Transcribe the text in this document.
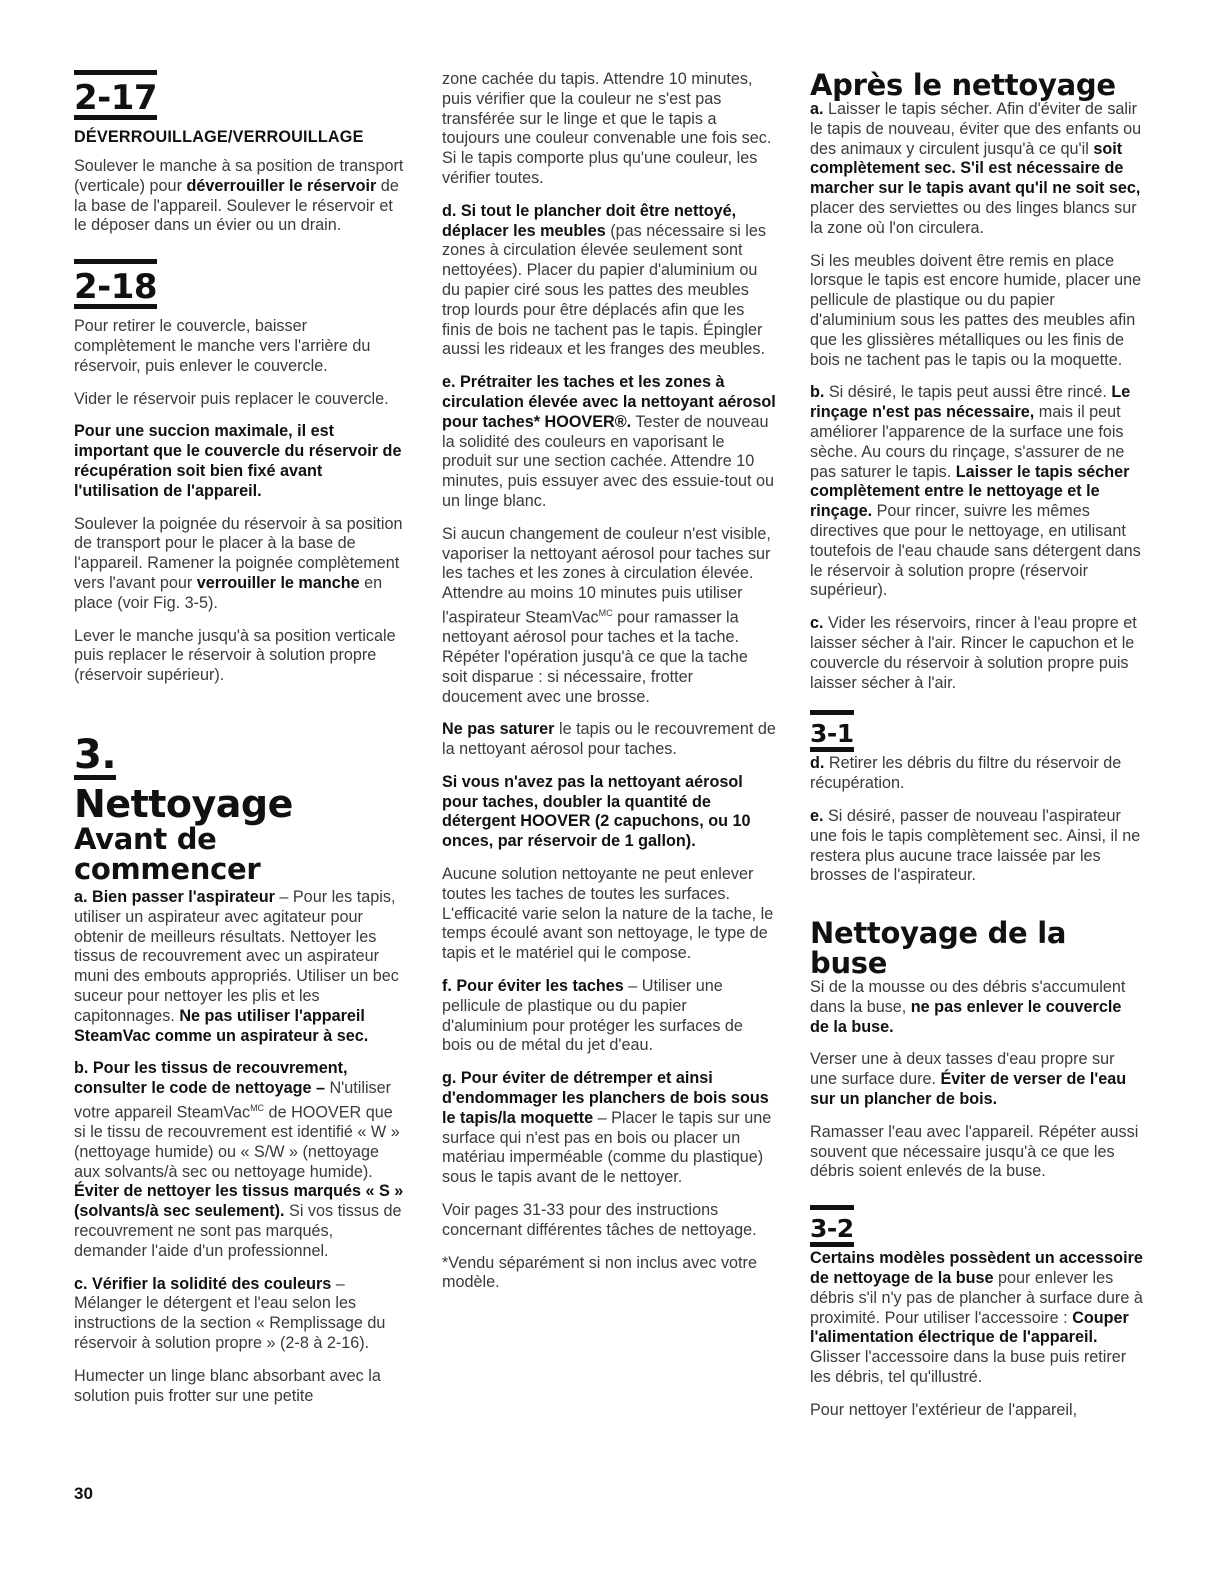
2-17
DÉVERROUILLAGE/VERROUILLAGE

Soulever le manche à sa position de transport (verticale) pour déverrouiller le réservoir de la base de l'appareil. Soulever le réservoir et le déposer dans un évier ou un drain.

2-18

Pour retirer le couvercle, baisser complètement le manche vers l'arrière du réservoir, puis enlever le couvercle.

Vider le réservoir puis replacer le couvercle.

Pour une succion maximale, il est important que le couvercle du réservoir de récupération soit bien fixé avant l'utilisation de l'appareil.

Soulever la poignée du réservoir à sa position de transport pour le placer à la base de l'appareil. Ramener la poignée complètement vers l'avant pour verrouiller le manche en place (voir Fig. 3-5).

Lever le manche jusqu'à sa position verticale puis replacer le réservoir à solution propre (réservoir supérieur).

3.
Nettoyage
Avant de commencer

a. Bien passer l'aspirateur – Pour les tapis, utiliser un aspirateur avec agitateur pour obtenir de meilleurs résultats. Nettoyer les tissus de recouvrement avec un aspirateur muni des embouts appropriés. Utiliser un bec suceur pour nettoyer les plis et les capitonnages. Ne pas utiliser l'appareil SteamVac comme un aspirateur à sec.

b. Pour les tissus de recouvrement, consulter le code de nettoyage – N'utiliser votre appareil SteamVac$^{MC}$ de HOOVER que si le tissu de recouvrement est identifié « W » (nettoyage humide) ou « S/W » (nettoyage aux solvants/à sec ou nettoyage humide). Éviter de nettoyer les tissus marqués « S » (solvants/à sec seulement). Si vos tissus de recouvrement ne sont pas marqués, demander l'aide d'un professionnel.

c. Vérifier la solidité des couleurs – Mélanger le détergent et l'eau selon les instructions de la section « Remplissage du réservoir à solution propre » (2-8 à 2-16).

Humecter un linge blanc absorbant avec la solution puis frotter sur une petite

zone cachée du tapis. Attendre 10 minutes, puis vérifier que la couleur ne s'est pas transférée sur le linge et que le tapis a toujours une couleur convenable une fois sec. Si le tapis comporte plus qu'une couleur, les vérifier toutes.

d. Si tout le plancher doit être nettoyé, déplacer les meubles (pas nécessaire si les zones à circulation élevée seulement sont nettoyées). Placer du papier d'aluminium ou du papier ciré sous les pattes des meubles trop lourds pour être déplacés afin que les finis de bois ne tachent pas le tapis. Épingler aussi les rideaux et les franges des meubles.

e. Prétraiter les taches et les zones à circulation élevée avec la nettoyant aérosol pour taches* HOOVER®. Tester de nouveau la solidité des couleurs en vaporisant le produit sur une section cachée. Attendre 10 minutes, puis essuyer avec des essuie-tout ou un linge blanc.

Si aucun changement de couleur n'est visible, vaporiser la nettoyant aérosol pour taches sur les taches et les zones à circulation élevée. Attendre au moins 10 minutes puis utiliser l'aspirateur SteamVac$^{MC}$ pour ramasser la nettoyant aérosol pour taches et la tache. Répéter l'opération jusqu'à ce que la tache soit disparue : si nécessaire, frotter doucement avec une brosse.

Ne pas saturer le tapis ou le recouvrement de la nettoyant aérosol pour taches.

Si vous n'avez pas la nettoyant aérosol pour taches, doubler la quantité de détergent HOOVER (2 capuchons, ou 10 onces, par réservoir de 1 gallon).

Aucune solution nettoyante ne peut enlever toutes les taches de toutes les surfaces. L'efficacité varie selon la nature de la tache, le temps écoulé avant son nettoyage, le type de tapis et le matériel qui le compose.

f. Pour éviter les taches – Utiliser une pellicule de plastique ou du papier d'aluminium pour protéger les surfaces de bois ou de métal du jet d'eau.

g. Pour éviter de détremper et ainsi d'endommager les planchers de bois sous le tapis/la moquette – Placer le tapis sur une surface qui n'est pas en bois ou placer un matériau imperméable (comme du plastique) sous le tapis avant de le nettoyer.

Voir pages 31-33 pour des instructions concernant différentes tâches de nettoyage.

*Vendu séparément si non inclus avec votre modèle.

Après le nettoyage

a. Laisser le tapis sécher. Afin d'éviter de salir le tapis de nouveau, éviter que des enfants ou des animaux y circulent jusqu'à ce qu'il soit complètement sec. S'il est nécessaire de marcher sur le tapis avant qu'il ne soit sec, placer des serviettes ou des linges blancs sur la zone où l'on circulera.

Si les meubles doivent être remis en place lorsque le tapis est encore humide, placer une pellicule de plastique ou du papier d'aluminium sous les pattes des meubles afin que les glissières métalliques ou les finis de bois ne tachent pas le tapis ou la moquette.

b. Si désiré, le tapis peut aussi être rincé. Le rinçage n'est pas nécessaire, mais il peut améliorer l'apparence de la surface une fois sèche. Au cours du rinçage, s'assurer de ne pas saturer le tapis. Laisser le tapis sécher complètement entre le nettoyage et le rinçage. Pour rincer, suivre les mêmes directives que pour le nettoyage, en utilisant toutefois de l'eau chaude sans détergent dans le réservoir à solution propre (réservoir supérieur).

c. Vider les réservoirs, rincer à l'eau propre et laisser sécher à l'air. Rincer le capuchon et le couvercle du réservoir à solution propre puis laisser sécher à l'air.

3-1

d. Retirer les débris du filtre du réservoir de récupération.

e. Si désiré, passer de nouveau l'aspirateur une fois le tapis complètement sec. Ainsi, il ne restera plus aucune trace laissée par les brosses de l'aspirateur.

Nettoyage de la buse

Si de la mousse ou des débris s'accumulent dans la buse, ne pas enlever le couvercle de la buse.

Verser une à deux tasses d'eau propre sur une surface dure. Éviter de verser de l'eau sur un plancher de bois.

Ramasser l'eau avec l'appareil. Répéter aussi souvent que nécessaire jusqu'à ce que les débris soient enlevés de la buse.

3-2

Certains modèles possèdent un accessoire de nettoyage de la buse pour enlever les débris s'il n'y pas de plancher à surface dure à proximité. Pour utiliser l'accessoire : Couper l'alimentation électrique de l'appareil. Glisser l'accessoire dans la buse puis retirer les débris, tel qu'illustré.

Pour nettoyer l'extérieur de l'appareil,

30
